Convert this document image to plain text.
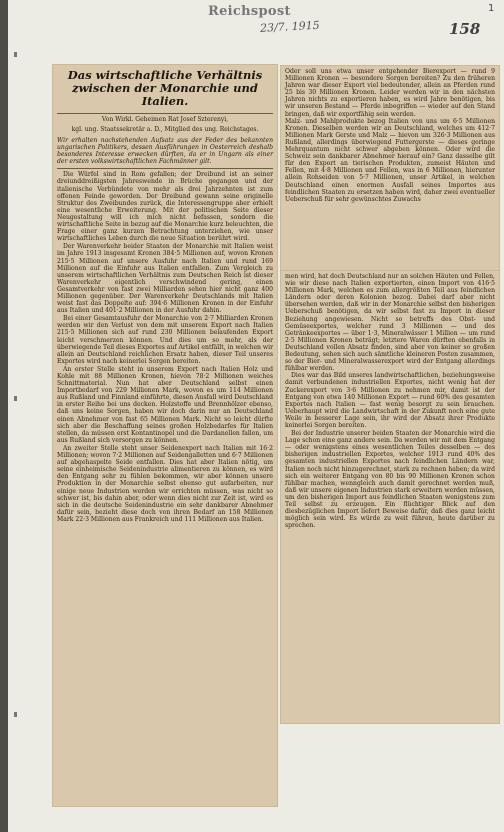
Reichspost
23/7. 1915	158
1
Das wirtschaftliche Verhältnis zwischen der Monarchie und Italien.
Von Wirkl. Geheimen Rat Josef Szterenyi,
kgl. ung. Staatssekretär a. D., Mitglied des ung. Reichstages.
Wir erhalten nachstehenden Aufsatz aus der Feder des bekannten ungarischen Politikers, dessen Ausführungen in Oesterreich deshalb besonderes Interesse erwecken dürften, da er in Ungarn als einer der ersten volkswirtschaftlichen Fachmänner gilt.

Die Würfel sind in Rom gefallen; der Dreibund ist an seiner dreiunddreißigsten Jahreswende in Brüche gegangen und der italienische Verbündete von mehr als drei Jahrzehnten ist zum offenen Feinde geworden. Der Dreibund gewann seine originelle Struktur des Zweibundes zurück, die Interessengruppe aber erhielt eine wesentliche Erweiterung. Mit der politischen Seite dieser Neugestaltung will ich mich nicht befassen, sondern die wirtschaftliche Seite in bezug auf die Monarchie kurz beleuchten, die Frage einer ganz kurzen Betrachtung unterziehen, wie unser wirtschaftliches Leben durch die neue Situation berührt wird.

Der Warenverkehr beider Staaten der Monarchie mit Italien weist im Jahre 1913 insgesamt Kronen 384·5 Millionen auf, wovon Kronen 215·5 Millionen auf unsere Ausfuhr nach Italien und rund 169 Millionen auf die Einfuhr aus Italien entfallen. Zum Vergleich zu unserem wirtschaftlichen Verhältnis zum Deutschen Reich ist dieser Warenverkehr eigentlich verschwindend gering, einen Gesamtverkehr von fast zwei Milliarden sehen hier nicht ganz 400 Millionen gegenüber. Der Warenverkehr Deutschlands mit Italien weist fast das Doppelte auf: 394·6 Millionen Kronen in der Einfuhr aus Italien und 401·2 Millionen in der Ausfuhr dahin.

Bei einer Gesamtausfuhr der Monarchie von 2·7 Milliarden Kronen werden wir den Verlust von dem mit unserem Export nach Italien 215·5 Millionen sich auf rund 230 Millionen belaufenden Export leicht verschmerzen können. Und dies um so mehr, als der überwiegende Teil dieses Exportes auf Artikel entfällt, in welchen wir allein an Deutschland reichlichen Ersatz haben, dieser Teil unseres Exportes wird nach keinerlei Sorgen bereiten.

An erster Stelle steht in unserem Export nach Italien Holz und Kohle mit 88 Millionen Kronen, hievon 78·2 Millionen weiches Schnittmaterial. Nun hat aber Deutschland selbst einen Importbedarf von 229 Millionen Mark, wovon es um 114 Millionen aus Rußland und Finnland einführte, diesen Ausfall wird Deutschland in erster Reihe bei uns decken. Holzstoffe und Brennhölzer ebenso, daß uns keine Sorgen, haben wir doch darin nur an Deutschland einen Abnehmer von fast 65 Millionen Mark. Nicht so leicht dürfte sich aber die Beschaffung seines großen Holzbedarfes für Italien stellen, da müssen erst Kontantinopel und die Dardanellen fallen, um aus Rußland sich versorgen zu können.

An zweiter Stelle steht unser Seidenexport nach Italien mit 16·2 Millionen; wovon 7·2 Millionen auf Seidengalletten und 6·7 Millionen auf abgehaspelte Seide entfallen. Dies hat aber Italien nötig, um seine einheimische Seidenindustrie alimentieren zu können, es wird den Entgang sehr zu fühlen bekommen, wir aber können unsere Produktion in der Monarchie selbst ebenso gut aufarbeiten, nur einige neue Industrien werden wir errichten müssen, was nicht so schwer ist, bis dahin aber, oder wenn dies nicht zur Zeit ist, wird es sich in die deutsche Seidenindustrie ein sehr dankbarer Abnehmer dafür sein, bezieht diese doch von ihren Bedarf an 158 Millionen Mark 22·3 Millionen aus Frankreich und 111 Millionen aus Italien.

Oder soll uns etwa unser entgehender Bierexport — rund 9 Millionen Kronen — besondere Sorgen bereiten? Zu den früheren Jahren war dieser Export viel bedeutender, allein an Pferden rund 25 bis 30 Millionen Kronen. Leider werden wir in den nächsten Jahren nichts zu exportieren haben, es wird Jahre benötigen, bis wir unseren Bestand — Pferde inbegriffen — wieder auf den Stand bringen, daß wir exportfähig sein werden.
Malz- und Mahlprodukte bezog Italien von uns um 6·5 Millionen Kronen. Dieselben werden wir an Deutschland, welches um 412·7 Millionen Mark Gerste und Malz — hievon um 326·3 Millionen aus Rußland, allerdings überwiegend Futtergerste — dieses geringe Mehrquantum nicht schwer abgeben können. Oder wird die Schweiz sein dankbarer Abnehmer hierauf ein? Ganz dasselbe gilt für den Export an tierischen Produkten, zumeist Häuten und Fellen, mit 4·8 Millionen und Fellen, was in 6 Millionen, hierunter allein Rohseiden von 5·7 Millionen, unser Artikel, in welchen Deutschland einen enormen Ausfall seines Importes aus feindlichen Staaten zu ersetzen haben wird, daher zwei eventueller Ueberschuß für sehr gewünschtes Zuwachs

men wird, hat doch Deutschland nur an solchen Häuten und Fellen, wie wir diese nach Italien exportierten, einen Import von 416·5 Millionen Mark, welchen es zum allergrößten Teil aus feindlichen Ländern oder deren Kolonien bezog. Dabei darf aber nicht übersehen werden, daß wir in der Monarchie selbst den bisherigen Ueberschuß benötigen, da wir selbst fast zu Import in dieser Beziehung angewiesen. Nicht so betreffs des Obst- und Gemüseexportes, welcher rund 3 Millionen — und des Getränkeexportes — über 1·3, Mineralwässer 1 Million — um rund 2·5 Millionen Kronen beträgt; letztere Waren dürften ebenfalls in Deutschland vollen Absatz finden, sind aber von keiner so großen Bedeutung, sehen sich auch sämtliche kleineren Posten zusammen, so der Bier- und Mineralwasserexport wird der Entgang allerdings fühlbar werden.

Dies war das Bild unseres landwirtschaftlichen, beziehungsweise damit verbundenen industriellen Exportes, nicht wenig hat der Zuckerexport von 3·6 Millionen zu nehmen mir, damit ist der Entgang von etwa 140 Millionen Export — rund 60% des gesamten Exportes nach Italien — fast wenig besorgt zu sein brauchen. Ueberhaupt wird die Landwirtschaft in der Zukunft noch eine gute Weile in besserer Lage sein, ihr wird der Absatz ihrer Produkte keinerlei Sorgen bereiten.

Bei der Industrie unserer beiden Staaten der Monarchie wird die Lage schon eine ganz andere sein. Da werden wir mit dem Entgang — oder wenigstens eines wesentlichen Teiles desselben — des bisherigen industriellen Exportes, welcher 1913 rund 40% des gesamten industriellen Exportes nach feindlichen Ländern war, Italien noch nicht hinzugerechnet, stark zu rechnen haben; da wird sich ein weiterer Entgang von 80 bis 90 Millionen Kronen schon fühlbar machen, wenngleich auch damit gerechnet werden muß, daß wir unsere eigenen Industrien stark erweitern werden müssen, um den bisherigen Import aus feindlichen Staaten wenigstens zum Teil selbst zu erzeugen. Ein flüchtiger Blick auf den diesbezüglichen Import liefert Beweise dafür, daß dies ganz leicht möglich sein wird. Es würde zu weit führen, heute darüber zu sprechen.
